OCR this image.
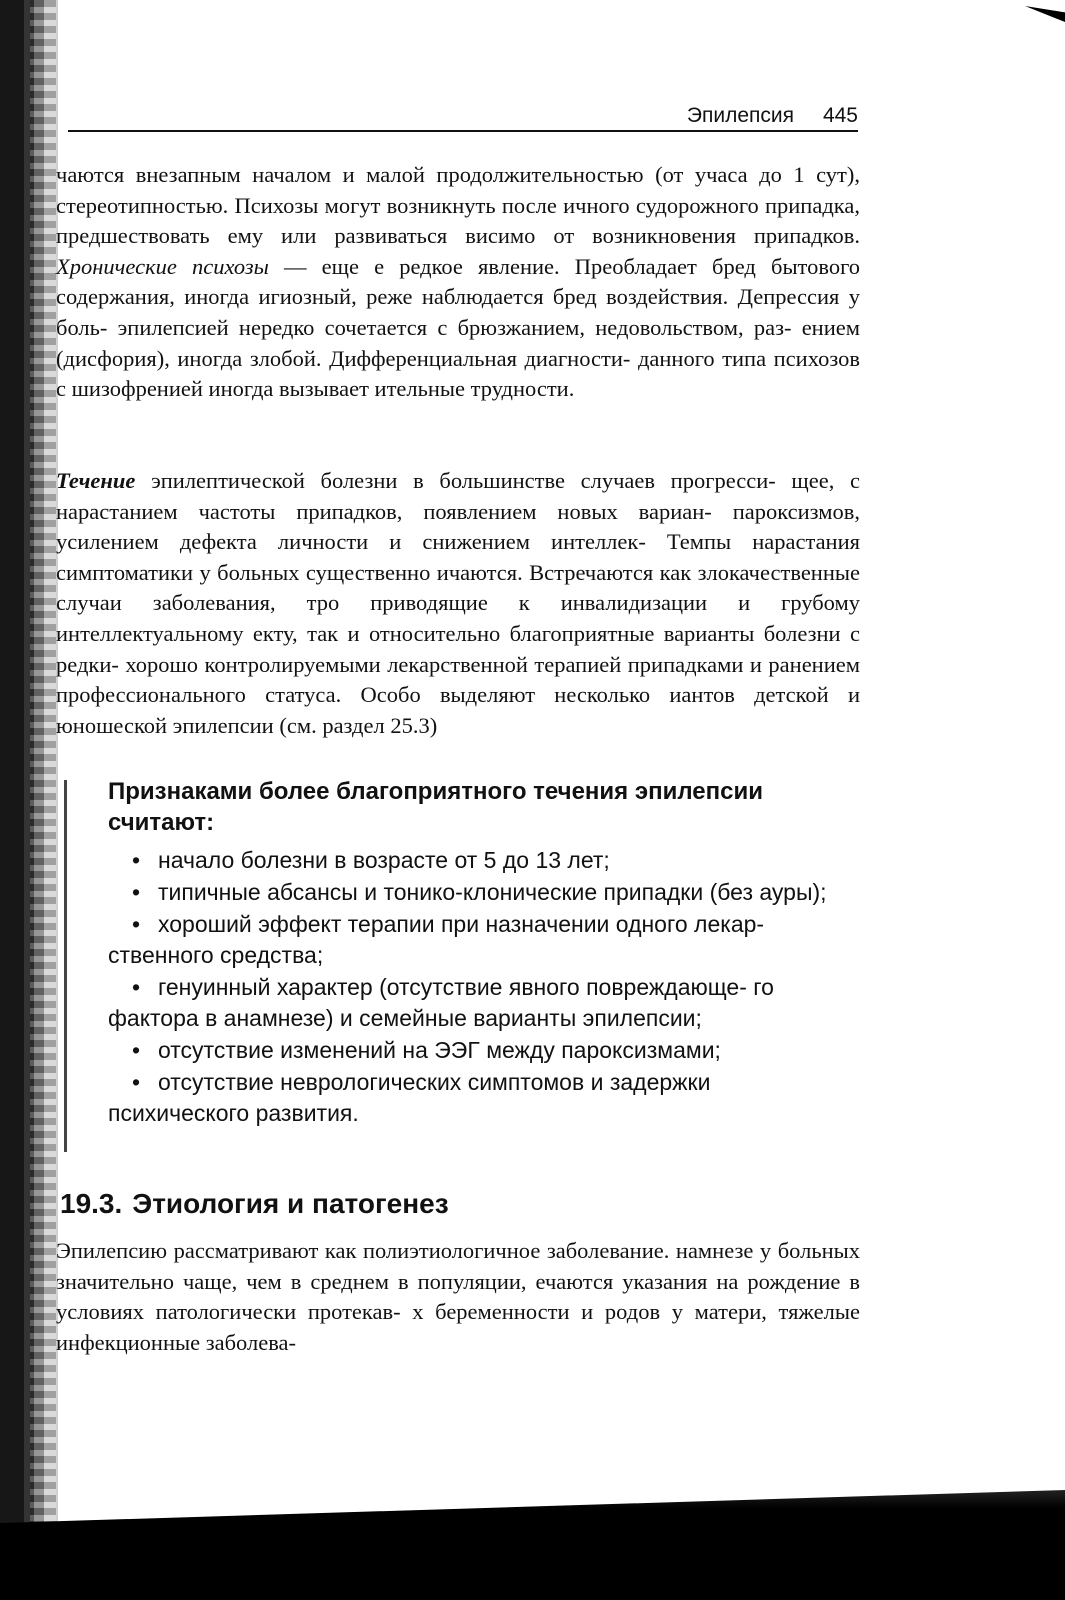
Эпилепсия 445

чаются внезапным началом и малой продолжительностью (от учаса до 1 сут), стереотипностью. Психозы могут возникнуть после ичного судорожного припадка, предшествовать ему или развиваться висимо от возникновения припадков. Хронические психозы — еще е редкое явление. Преобладает бред бытового содержания, иногда игиозный, реже наблюдается бред воздействия. Депрессия у боль- эпилепсией нередко сочетается с брюзжанием, недовольством, раз- ением (дисфория), иногда злобой. Дифференциальная диагности- данного типа психозов с шизофренией иногда вызывает ительные трудности.

Течение эпилептической болезни в большинстве случаев прогресси- щее, с нарастанием частоты припадков, появлением новых вариан- пароксизмов, усилением дефекта личности и снижением интеллек- Темпы нарастания симптоматики у больных существенно ичаются. Встречаются как злокачественные случаи заболевания, тро приводящие к инвалидизации и грубому интеллектуальному екту, так и относительно благоприятные варианты болезни с редки- хорошо контролируемыми лекарственной терапией припадками и ранением профессионального статуса. Особо выделяют несколько иантов детской и юношеской эпилепсии (см. раздел 25.3)

Признаками более благоприятного течения эпилепсии считают:
• начало болезни в возрасте от 5 до 13 лет;
• типичные абсансы и тонико-клонические припадки (без ауры);
• хороший эффект терапии при назначении одного лекар- ственного средства;
• генуинный характер (отсутствие явного повреждающе- го фактора в анамнезе) и семейные варианты эпилепсии;
• отсутствие изменений на ЭЭГ между пароксизмами;
• отсутствие неврологических симптомов и задержки психического развития.
19.3. Этиология и патогенез

Эпилепсию рассматривают как полиэтиологичное заболевание. намнезе у больных значительно чаще, чем в среднем в популяции, ечаются указания на рождение в условиях патологически протекав- х беременности и родов у матери, тяжелые инфекционные заболева-
